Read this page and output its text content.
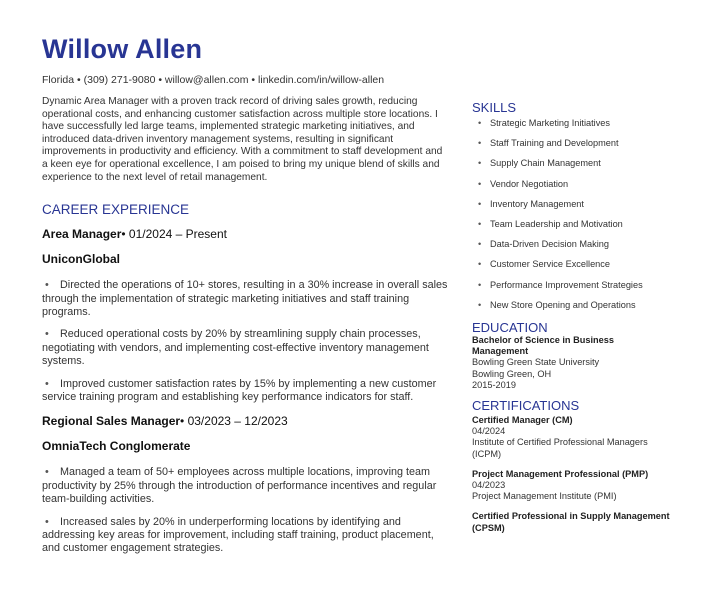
Willow Allen
Florida • (309) 271-9080 • willow@allen.com • linkedin.com/in/willow-allen

Dynamic Area Manager with a proven track record of driving sales growth, reducing operational costs, and enhancing customer satisfaction across multiple store locations. I have successfully led large teams, implemented strategic marketing initiatives, and introduced data-driven inventory management systems, resulting in significant improvements in productivity and efficiency. With a commitment to staff development and a keen eye for operational excellence, I am poised to bring my unique blend of skills and experience to the next level of retail management.

CAREER EXPERIENCE
Area Manager• 01/2024 – Present
UniconGlobal
• Directed the operations of 10+ stores, resulting in a 30% increase in overall sales through the implementation of strategic marketing initiatives and staff training programs.
• Reduced operational costs by 20% by streamlining supply chain processes, negotiating with vendors, and implementing cost-effective inventory management systems.
• Improved customer satisfaction rates by 15% by implementing a new customer service training program and establishing key performance indicators for staff.
Regional Sales Manager• 03/2023 – 12/2023
OmniaTech Conglomerate
• Managed a team of 50+ employees across multiple locations, improving team productivity by 25% through the introduction of performance incentives and regular team-building activities.
• Increased sales by 20% in underperforming locations by identifying and addressing key areas for improvement, including staff training, product placement, and customer engagement strategies.
SKILLS
• Strategic Marketing Initiatives
• Staff Training and Development
• Supply Chain Management
• Vendor Negotiation
• Inventory Management
• Team Leadership and Motivation
• Data-Driven Decision Making
• Customer Service Excellence
• Performance Improvement Strategies
• New Store Opening and Operations
EDUCATION
Bachelor of Science in Business Management
Bowling Green State University
Bowling Green, OH
2015-2019
CERTIFICATIONS
Certified Manager (CM)
04/2024
Institute of Certified Professional Managers (ICPM)
Project Management Professional (PMP)
04/2023
Project Management Institute (PMI)
Certified Professional in Supply Management (CPSM)
